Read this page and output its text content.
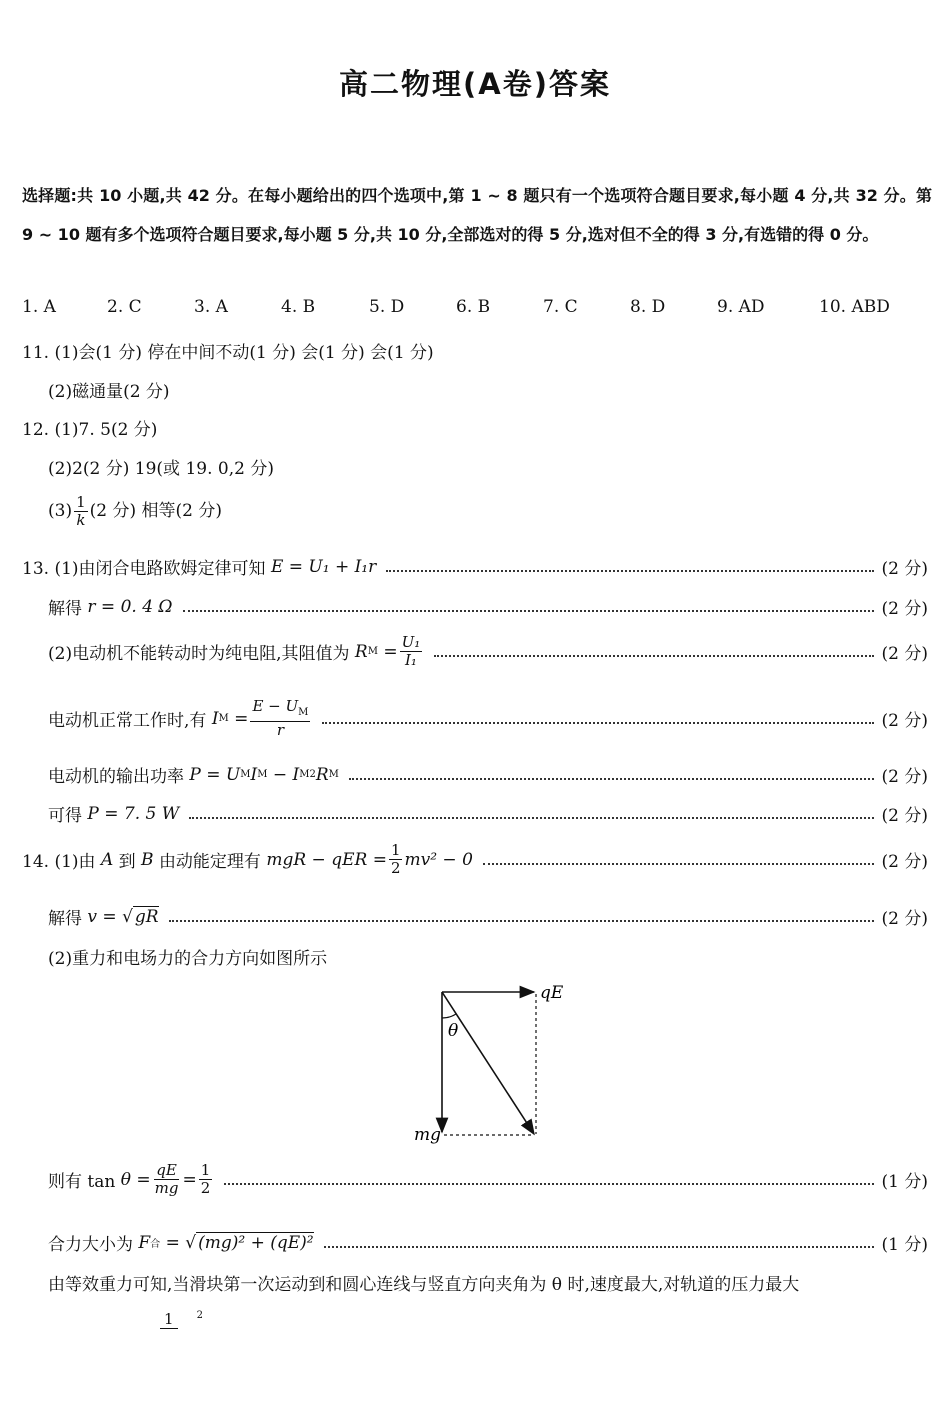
高二物理(A卷)答案
选择题:共 10 小题,共 42 分。在每小题给出的四个选项中,第 1 ~ 8 题只有一个选项符合题目要求,每小题 4 分,共 32 分。第 9 ~ 10 题有多个选项符合题目要求,每小题 5 分,共 10 分,全部选对的得 5 分,选对但不全的得 3 分,有选错的得 0 分。
1. A	2. C	3. A	4. B	5. D	6. B	7. C	8. D	9. AD	10. ABD
11. (1)会(1 分) 停在中间不动(1 分) 会(1 分) 会(1 分)
(2)磁通量(2 分)
12. (1)7. 5(2 分)
(2)2(2 分) 19(或 19. 0,2 分)
$(3) \frac{1}{k} (2$ 分) 相等(2 分)
13. (1)由闭合电路欧姆定律可知
E = U₁ + I₁r	(2 分)
解得
r = 0. 4 Ω	(2 分)
(2)电动机不能转动时为纯电阻,其阻值为
R $M = \frac{\text{U₁}}{\text{I₁}}$	(2 分)
电动机正常工作时,有
I $M = \frac{E - U_M}{r}$	(2 分)
电动机的输出功率
P = U M I M
− I M 2 R M	(2 分)
可得
P = 7. 5 W	(2 分)
14. (1)由
A
到
B
由动能定理有
mgR − qER = $\frac{1}{2} mv^2 - 0$	(2 分)
解得
v = √ gR	(2 分)
(2)重力和电场力的合力方向如图所示
qE
mg
θ
则有 tan
$\theta = \frac{qE}{mg} = \frac{1}{2}$	(1 分)
合力大小为
F 合 = √ (mg)² + (qE)²	(1 分)
由等效重力可知,当滑块第一次运动到和圆心连线与竖直方向夹角为 θ 时,速度最大,对轨道的压力最大
1 $^2$
